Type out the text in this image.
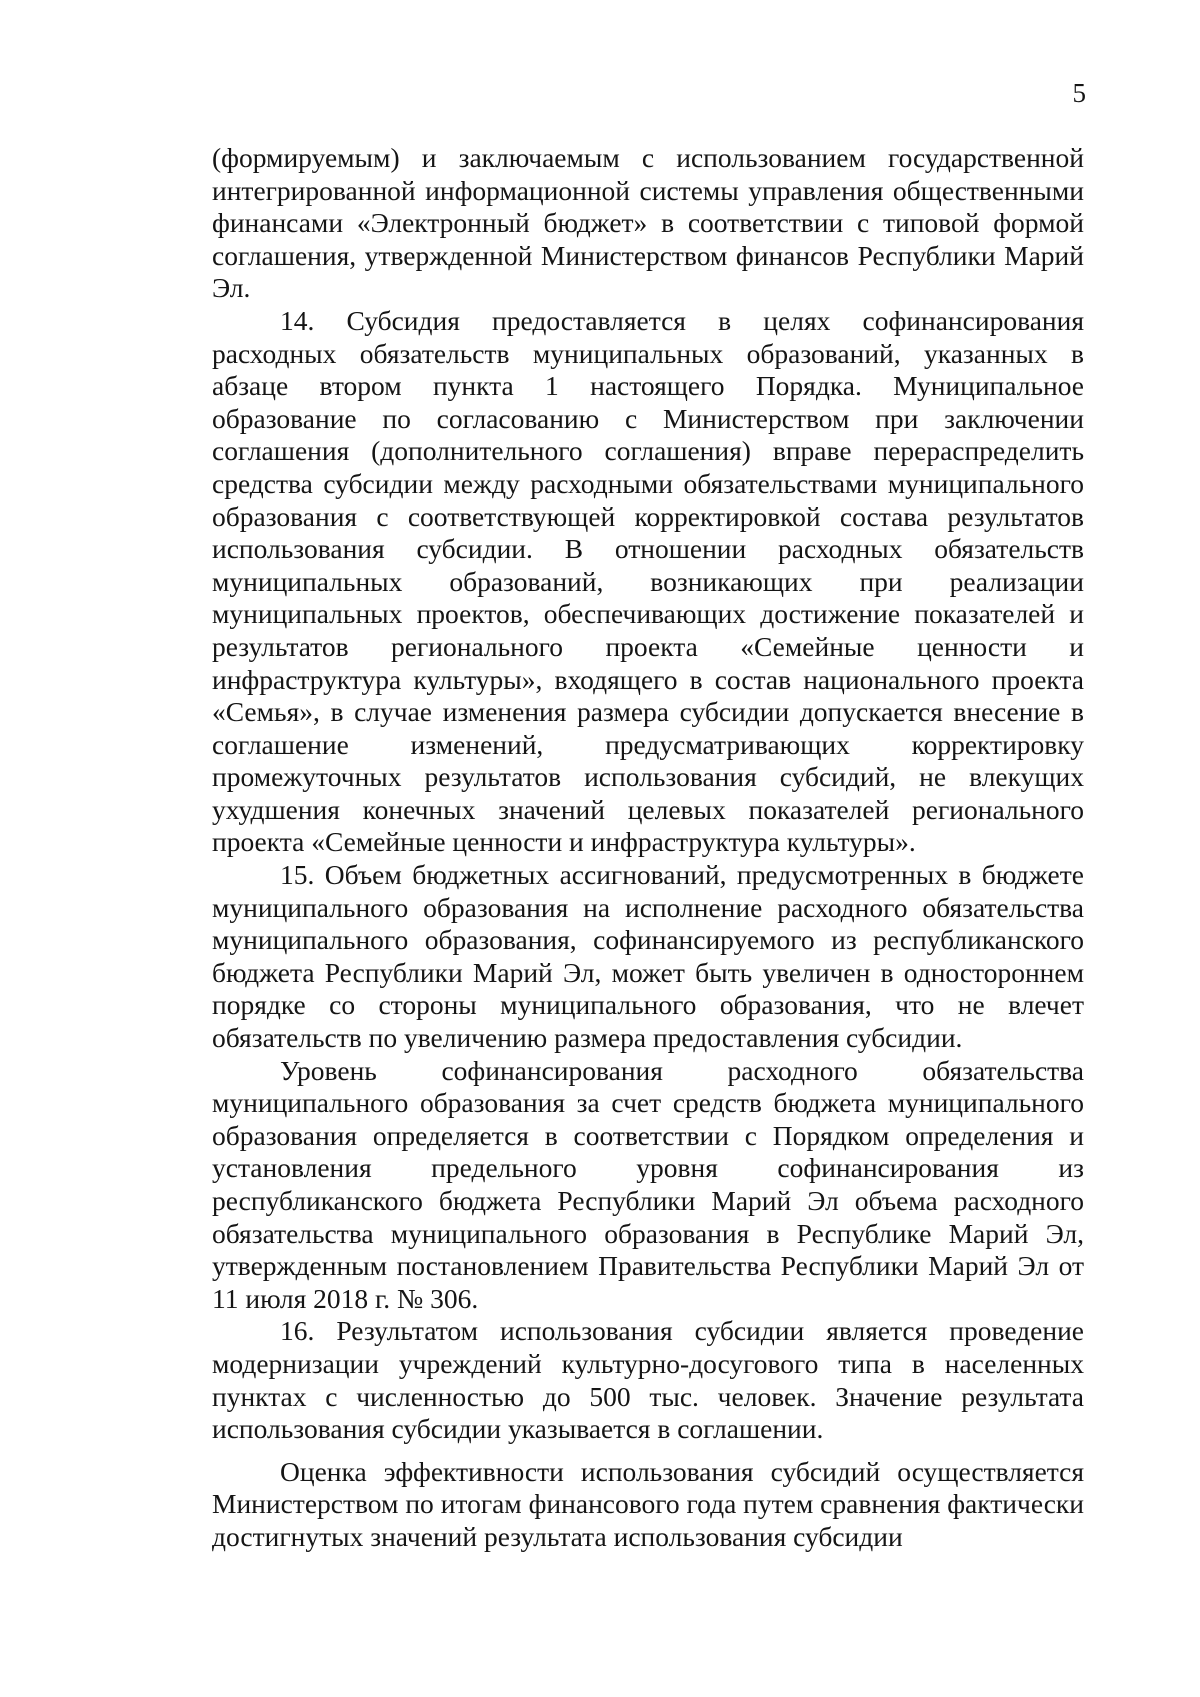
5

(формируемым) и заключаемым с использованием государственной интегрированной информационной системы управления общественными финансами «Электронный бюджет» в соответствии с типовой формой соглашения, утвержденной Министерством финансов Республики Марий Эл.

14. Субсидия предоставляется в целях софинансирования расходных обязательств муниципальных образований, указанных в абзаце втором пункта 1 настоящего Порядка. Муниципальное образование по согласованию с Министерством при заключении соглашения (дополнительного соглашения) вправе перераспределить средства субсидии между расходными обязательствами муниципального образования с соответствующей корректировкой состава результатов использования субсидии. В отношении расходных обязательств муниципальных образований, возникающих при реализации муниципальных проектов, обеспечивающих достижение показателей и результатов регионального проекта «Семейные ценности и инфраструктура культуры», входящего в состав национального проекта «Семья», в случае изменения размера субсидии допускается внесение в соглашение изменений, предусматривающих корректировку промежуточных результатов использования субсидий, не влекущих ухудшения конечных значений целевых показателей регионального проекта «Семейные ценности и инфраструктура культуры».

15. Объем бюджетных ассигнований, предусмотренных в бюджете муниципального образования на исполнение расходного обязательства муниципального образования, софинансируемого из республиканского бюджета Республики Марий Эл, может быть увеличен в одностороннем порядке со стороны муниципального образования, что не влечет обязательств по увеличению размера предоставления субсидии.

Уровень софинансирования расходного обязательства муниципального образования за счет средств бюджета муниципального образования определяется в соответствии с Порядком определения и установления предельного уровня софинансирования из республиканского бюджета Республики Марий Эл объема расходного обязательства муниципального образования в Республике Марий Эл, утвержденным постановлением Правительства Республики Марий Эл от 11 июля 2018 г. № 306.

16. Результатом использования субсидии является проведение модернизации учреждений культурно-досугового типа в населенных пунктах с численностью до 500 тыс. человек. Значение результата использования субсидии указывается в соглашении.

Оценка эффективности использования субсидий осуществляется Министерством по итогам финансового года путем сравнения фактически достигнутых значений результата использования субсидии
